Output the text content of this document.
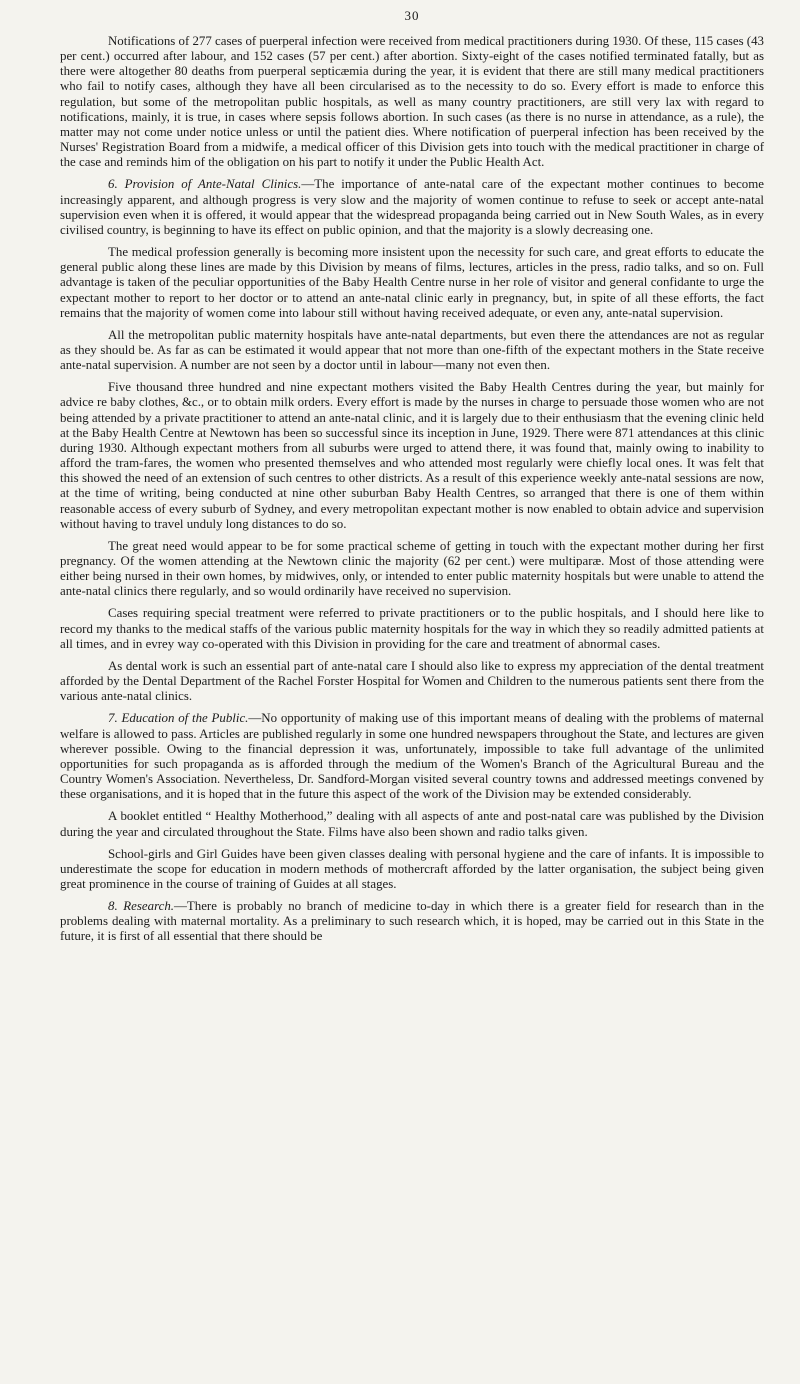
30

Notifications of 277 cases of puerperal infection were received from medical practitioners during 1930. Of these, 115 cases (43 per cent.) occurred after labour, and 152 cases (57 per cent.) after abortion. Sixty-eight of the cases notified terminated fatally, but as there were altogether 80 deaths from puerperal septicæmia during the year, it is evident that there are still many medical practitioners who fail to notify cases, although they have all been circularised as to the necessity to do so. Every effort is made to enforce this regulation, but some of the metropolitan public hospitals, as well as many country practitioners, are still very lax with regard to notifications, mainly, it is true, in cases where sepsis follows abortion. In such cases (as there is no nurse in attendance, as a rule), the matter may not come under notice unless or until the patient dies. Where notification of puerperal infection has been received by the Nurses' Registration Board from a midwife, a medical officer of this Division gets into touch with the medical practitioner in charge of the case and reminds him of the obligation on his part to notify it under the Public Health Act.

6. Provision of Ante-Natal Clinics.—The importance of ante-natal care of the expectant mother continues to become increasingly apparent, and although progress is very slow and the majority of women continue to refuse to seek or accept ante-natal supervision even when it is offered, it would appear that the widespread propaganda being carried out in New South Wales, as in every civilised country, is beginning to have its effect on public opinion, and that the majority is a slowly decreasing one.

The medical profession generally is becoming more insistent upon the necessity for such care, and great efforts to educate the general public along these lines are made by this Division by means of films, lectures, articles in the press, radio talks, and so on. Full advantage is taken of the peculiar opportunities of the Baby Health Centre nurse in her role of visitor and general confidante to urge the expectant mother to report to her doctor or to attend an ante-natal clinic early in pregnancy, but, in spite of all these efforts, the fact remains that the majority of women come into labour still without having received adequate, or even any, ante-natal supervision.

All the metropolitan public maternity hospitals have ante-natal departments, but even there the attendances are not as regular as they should be. As far as can be estimated it would appear that not more than one-fifth of the expectant mothers in the State receive ante-natal supervision. A number are not seen by a doctor until in labour—many not even then.

Five thousand three hundred and nine expectant mothers visited the Baby Health Centres during the year, but mainly for advice re baby clothes, &c., or to obtain milk orders. Every effort is made by the nurses in charge to persuade those women who are not being attended by a private practitioner to attend an ante-natal clinic, and it is largely due to their enthusiasm that the evening clinic held at the Baby Health Centre at Newtown has been so successful since its inception in June, 1929. There were 871 attendances at this clinic during 1930. Although expectant mothers from all suburbs were urged to attend there, it was found that, mainly owing to inability to afford the tram-fares, the women who presented themselves and who attended most regularly were chiefly local ones. It was felt that this showed the need of an extension of such centres to other districts. As a result of this experience weekly ante-natal sessions are now, at the time of writing, being conducted at nine other suburban Baby Health Centres, so arranged that there is one of them within reasonable access of every suburb of Sydney, and every metropolitan expectant mother is now enabled to obtain advice and supervision without having to travel unduly long distances to do so.

The great need would appear to be for some practical scheme of getting in touch with the expectant mother during her first pregnancy. Of the women attending at the Newtown clinic the majority (62 per cent.) were multiparæ. Most of those attending were either being nursed in their own homes, by midwives, only, or intended to enter public maternity hospitals but were unable to attend the ante-natal clinics there regularly, and so would ordinarily have received no supervision.

Cases requiring special treatment were referred to private practitioners or to the public hospitals, and I should here like to record my thanks to the medical staffs of the various public maternity hospitals for the way in which they so readily admitted patients at all times, and in evrey way co-operated with this Division in providing for the care and treatment of abnormal cases.

As dental work is such an essential part of ante-natal care I should also like to express my appreciation of the dental treatment afforded by the Dental Department of the Rachel Forster Hospital for Women and Children to the numerous patients sent there from the various ante-natal clinics.

7. Education of the Public.—No opportunity of making use of this important means of dealing with the problems of maternal welfare is allowed to pass. Articles are published regularly in some one hundred newspapers throughout the State, and lectures are given wherever possible. Owing to the financial depression it was, unfortunately, impossible to take full advantage of the unlimited opportunities for such propaganda as is afforded through the medium of the Women's Branch of the Agricultural Bureau and the Country Women's Association. Nevertheless, Dr. Sandford-Morgan visited several country towns and addressed meetings convened by these organisations, and it is hoped that in the future this aspect of the work of the Division may be extended considerably.

A booklet entitled “ Healthy Motherhood,” dealing with all aspects of ante and post-natal care was published by the Division during the year and circulated throughout the State. Films have also been shown and radio talks given.

School-girls and Girl Guides have been given classes dealing with personal hygiene and the care of infants. It is impossible to underestimate the scope for education in modern methods of mothercraft afforded by the latter organisation, the subject being given great prominence in the course of training of Guides at all stages.

8. Research.—There is probably no branch of medicine to-day in which there is a greater field for research than in the problems dealing with maternal mortality. As a preliminary to such research which, it is hoped, may be carried out in this State in the future, it is first of all essential that there should be
